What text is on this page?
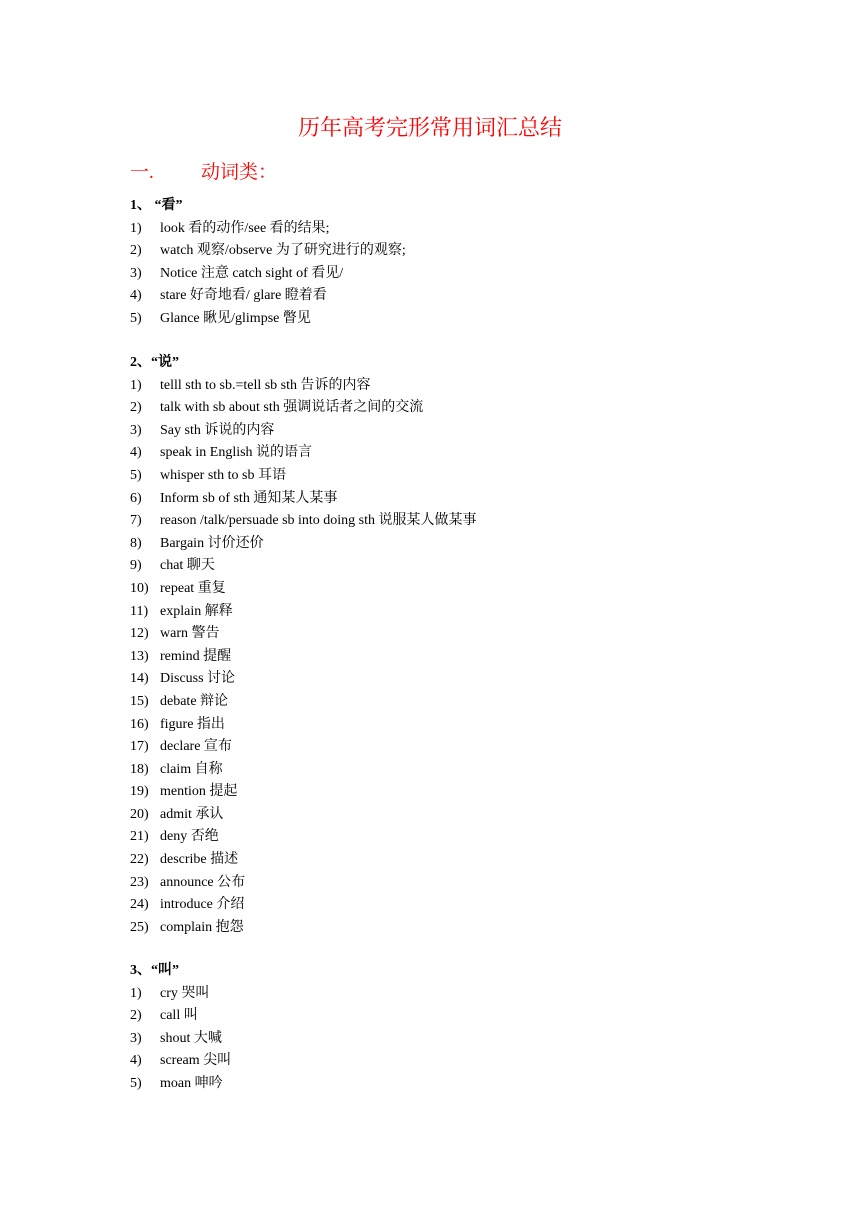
历年高考完形常用词汇总结
一. 动词类：
1、 “看”
1) look 看的动作/see 看的结果;
2) watch 观察/observe 为了研究进行的观察;
3) Notice 注意 catch sight of 看见/
4) stare 好奇地看/ glare 瞪着看
5) Glance 瞅见/glimpse 瞥见
2、“说”
1) telll sth to sb.=tell sb sth 告诉的内容
2) talk with sb about sth 强调说话者之间的交流
3) Say sth 诉说的内容
4) speak in English 说的语言
5) whisper sth to sb 耳语
6) Inform sb of sth 通知某人某事
7) reason /talk/persuade sb into doing sth 说服某人做某事
8) Bargain 讨价还价
9) chat 聊天
10) repeat 重复
11) explain 解释
12) warn 警告
13) remind 提醒
14) Discuss 讨论
15) debate 辩论
16) figure 指出
17) declare 宣布
18) claim 自称
19) mention 提起
20) admit 承认
21) deny 否绝
22) describe 描述
23) announce 公布
24) introduce 介绍
25) complain 抱怨
3、“叫”
1) cry 哭叫
2) call 叫
3) shout 大喊
4) scream 尖叫
5) moan 呻吟
